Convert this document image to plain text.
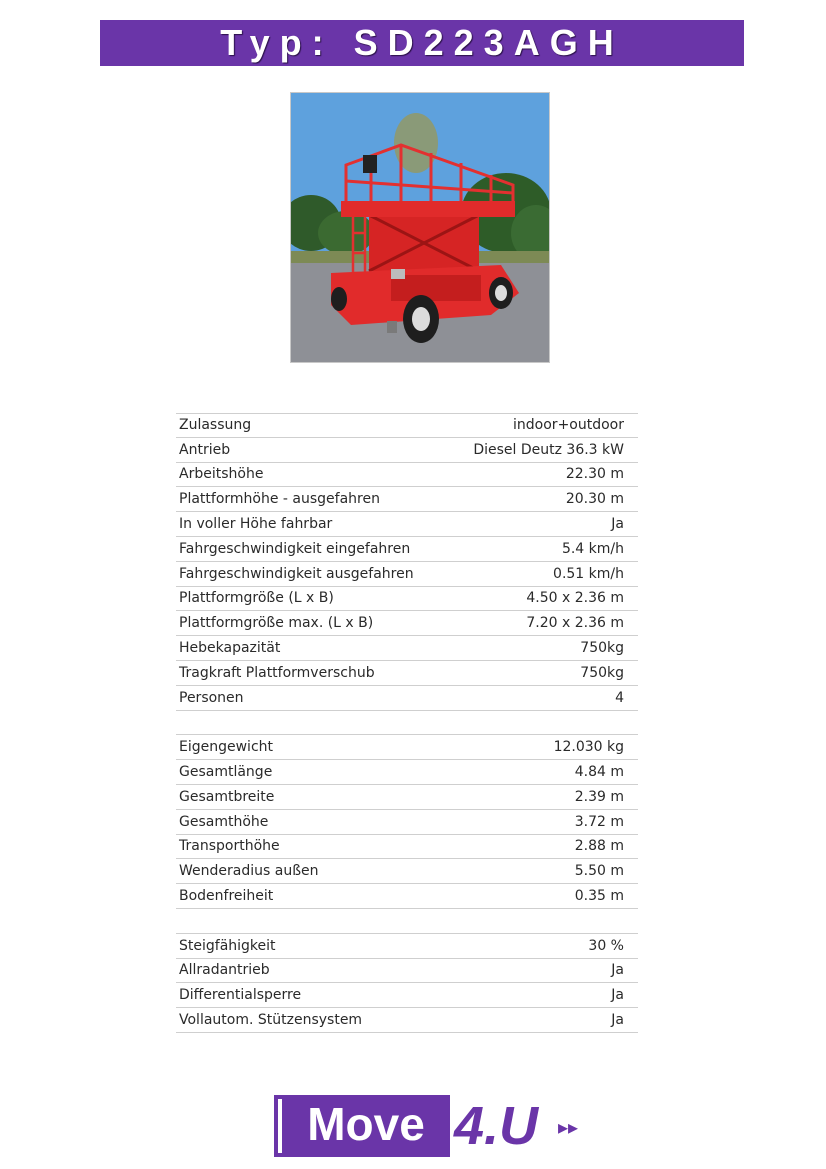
Typ: SD223AGH
Zulassung	indoor+outdoor
Antrieb	Diesel Deutz 36.3 kW
Arbeitshöhe	22.30 m
Plattformhöhe - ausgefahren	20.30 m
In voller Höhe fahrbar	Ja
Fahrgeschwindigkeit eingefahren	5.4 km/h
Fahrgeschwindigkeit ausgefahren	0.51 km/h
Plattformgröße (L x B)	4.50 x 2.36 m
Plattformgröße max. (L x B)	7.20 x 2.36 m
Hebekapazität	750kg
Tragkraft Plattformverschub	750kg
Personen	4
Eigengewicht	12.030 kg
Gesamtlänge	4.84 m
Gesamtbreite	2.39 m
Gesamthöhe	3.72 m
Transporthöhe	2.88 m
Wenderadius außen	5.50 m
Bodenfreiheit	0.35 m
Steigfähigkeit	30 %
Allradantrieb	Ja
Differentialsperre	Ja
Vollautom. Stützensystem	Ja
Move 4.U ▸▸
